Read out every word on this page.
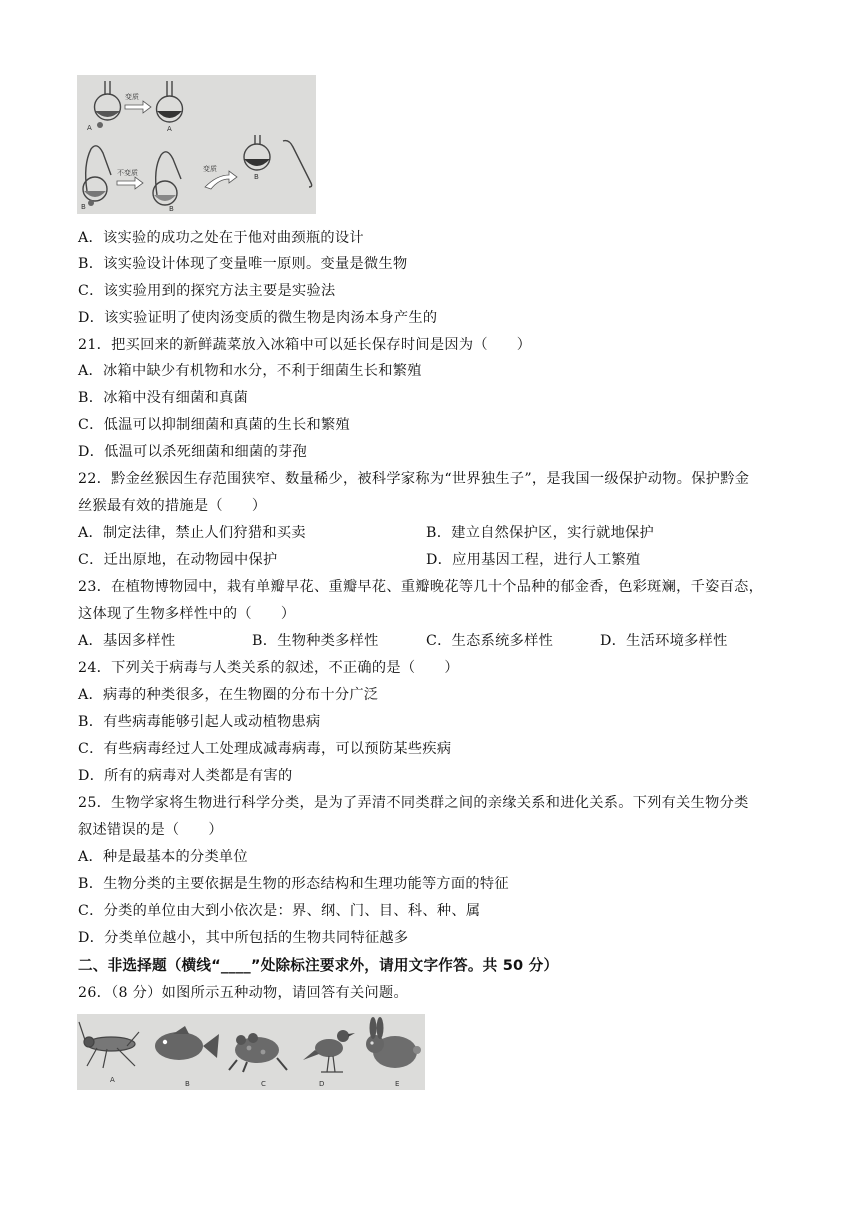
A
变质
A
B
不变质
B
变质
B
A．该实验的成功之处在于他对曲颈瓶的设计
B．该实验设计体现了变量唯一原则。变量是微生物
C．该实验用到的探究方法主要是实验法
D．该实验证明了使肉汤变质的微生物是肉汤本身产生的
21．把买回来的新鲜蔬菜放入冰箱中可以延长保存时间是因为（　　）
A．冰箱中缺少有机物和水分，不利于细菌生长和繁殖
B．冰箱中没有细菌和真菌
C．低温可以抑制细菌和真菌的生长和繁殖
D．低温可以杀死细菌和细菌的芽孢
22．黔金丝猴因生存范围狭窄、数量稀少，被科学家称为“世界独生子”，是我国一级保护动物。保护黔金
丝猴最有效的措施是（　　）
A．制定法律，禁止人们狩猎和买卖	B．建立自然保护区，实行就地保护
C．迁出原地，在动物园中保护	D．应用基因工程，进行人工繁殖
23．在植物博物园中，栽有单瓣早花、重瓣早花、重瓣晚花等几十个品种的郁金香，色彩斑斓，千姿百态，
这体现了生物多样性中的（　　）
A．基因多样性	B．生物种类多样性	C．生态系统多样性	D．生活环境多样性
24．下列关于病毒与人类关系的叙述，不正确的是（　　）
A．病毒的种类很多，在生物圈的分布十分广泛
B．有些病毒能够引起人或动植物患病
C．有些病毒经过人工处理成减毒病毒，可以预防某些疾病
D．所有的病毒对人类都是有害的
25．生物学家将生物进行科学分类，是为了弄清不同类群之间的亲缘关系和进化关系。下列有关生物分类
叙述错误的是（　　）
A．种是最基本的分类单位
B．生物分类的主要依据是生物的形态结构和生理功能等方面的特征
C．分类的单位由大到小依次是：界、纲、门、目、科、种、属
D．分类单位越小，其中所包括的生物共同特征越多
二、非选择题（横线“____”处除标注要求外，请用文字作答。共 50 分）
26．（8 分）如图所示五种动物，请回答有关问题。
A	B	C	D	E
